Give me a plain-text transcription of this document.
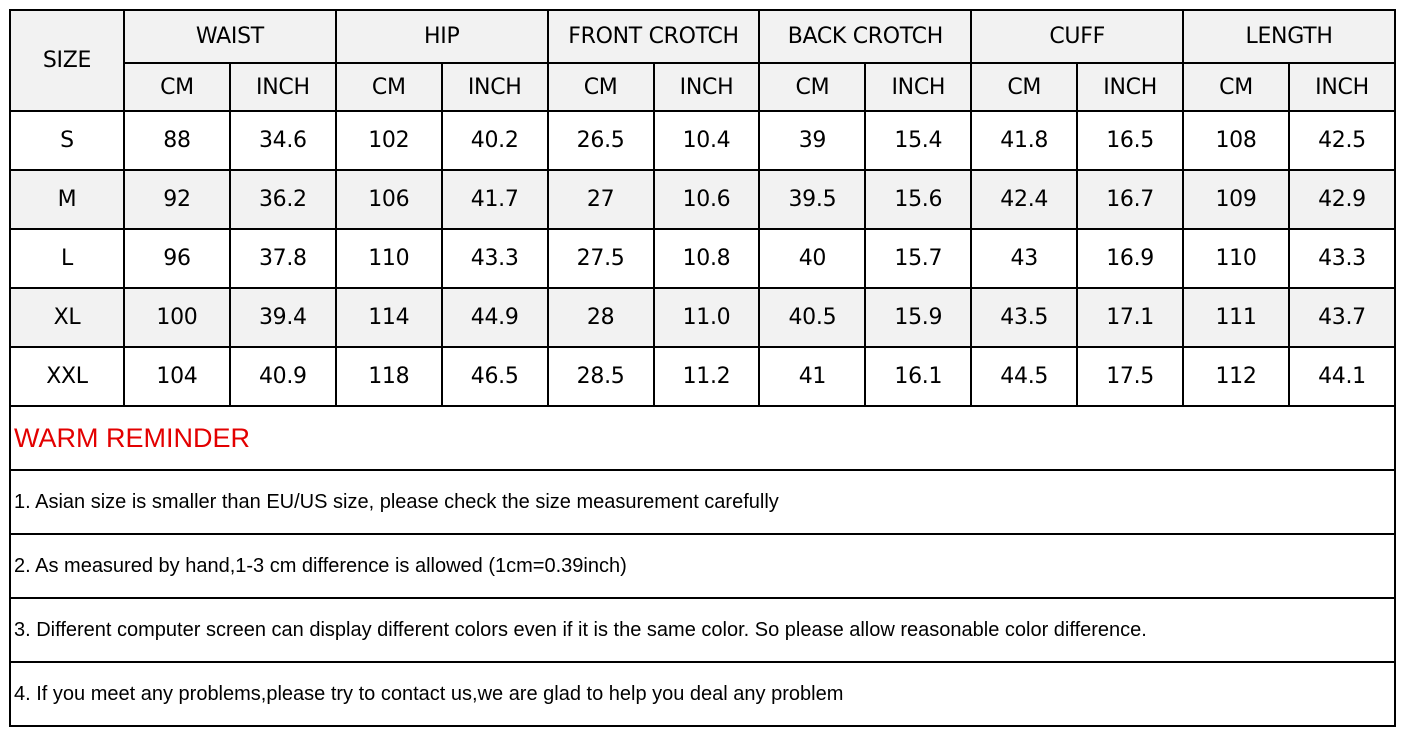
SIZE	WAIST		HIP		FRONT CROTCH		BACK CROTCH		CUFF		LENGTH	
	CM	INCH	CM	INCH	CM	INCH	CM	INCH	CM	INCH	CM	INCH
S	88	34.6	102	40.2	26.5	10.4	39	15.4	41.8	16.5	108	42.5
M	92	36.2	106	41.7	27	10.6	39.5	15.6	42.4	16.7	109	42.9
L	96	37.8	110	43.3	27.5	10.8	40	15.7	43	16.9	110	43.3
XL	100	39.4	114	44.9	28	11.0	40.5	15.9	43.5	17.1	111	43.7
XXL	104	40.9	118	46.5	28.5	11.2	41	16.1	44.5	17.5	112	44.1
WARM REMINDER
1. Asian size is smaller than EU/US size, please check the size measurement carefully
2. As measured by hand,1-3 cm difference is allowed (1cm=0.39inch)
3. Different computer screen can display different colors even if it is the same color. So please allow reasonable color difference.
4. If you meet any problems,please try to contact us,we are glad to help you deal any problem
